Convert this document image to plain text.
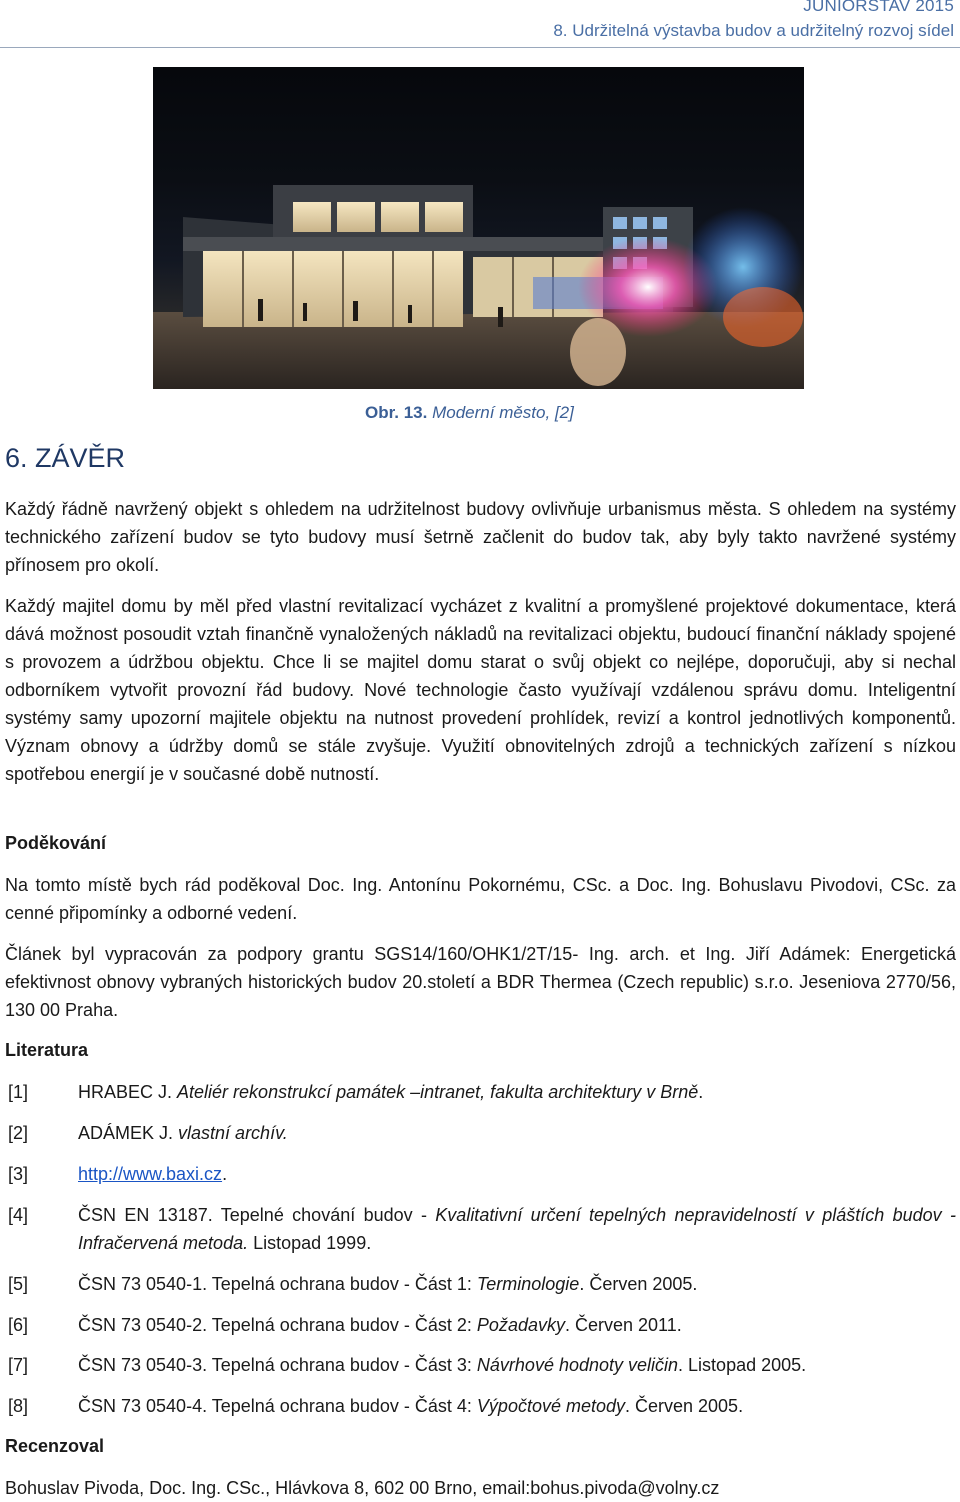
JUNIORSTAV 2015
8. Udržitelná výstavba budov a udržitelný rozvoj sídel
Obr. 13. Moderní město, [2]
6. ZÁVĚR
Každý řádně navržený objekt s ohledem na udržitelnost budovy ovlivňuje urbanismus města. S ohledem na systémy technického zařízení budov se tyto budovy musí šetrně začlenit do budov tak, aby byly takto navržené systémy přínosem pro okolí.
Každý majitel domu by měl před vlastní revitalizací vycházet z kvalitní a promyšlené projektové dokumentace, která dává možnost posoudit vztah finančně vynaložených nákladů na revitalizaci objektu, budoucí finanční náklady spojené s provozem a údržbou objektu. Chce li se majitel domu starat o svůj objekt co nejlépe, doporučuji, aby si nechal odborníkem vytvořit provozní řád budovy. Nové technologie často využívají vzdálenou správu domu. Inteligentní systémy samy upozorní majitele objektu na nutnost provedení prohlídek, revizí a kontrol jednotlivých komponentů. Význam obnovy a údržby domů se stále zvyšuje. Využití obnovitelných zdrojů a technických zařízení s nízkou spotřebou energií je v současné době nutností.
Poděkování
Na tomto místě bych rád poděkoval Doc. Ing. Antonínu Pokornému, CSc. a Doc. Ing. Bohuslavu Pivodovi, CSc. za cenné připomínky a odborné vedení.
Článek byl vypracován za podpory grantu SGS14/160/OHK1/2T/15- Ing. arch. et Ing. Jiří Adámek: Energetická efektivnost obnovy vybraných historických budov 20.století a BDR Thermea (Czech republic) s.r.o. Jeseniova 2770/56, 130 00 Praha.
Literatura
[1]	HRABEC J. Ateliér rekonstrukcí památek –intranet, fakulta architektury v Brně.
[2]	ADÁMEK J. vlastní archív.
[3]	http://www.baxi.cz.
[4]	ČSN EN 13187. Tepelné chování budov - Kvalitativní určení tepelných nepravidelností v pláštích budov - Infračervená metoda. Listopad 1999.
[5]	ČSN 73 0540-1. Tepelná ochrana budov - Část 1: Terminologie. Červen 2005.
[6]	ČSN 73 0540-2. Tepelná ochrana budov - Část 2: Požadavky. Červen 2011.
[7]	ČSN 73 0540-3. Tepelná ochrana budov - Část 3: Návrhové hodnoty veličin. Listopad 2005.
[8]	ČSN 73 0540-4. Tepelná ochrana budov - Část 4: Výpočtové metody. Červen 2005.
Recenzoval
Bohuslav Pivoda, Doc. Ing. CSc., Hlávkova 8, 602 00 Brno, email:bohus.pivoda@volny.cz
